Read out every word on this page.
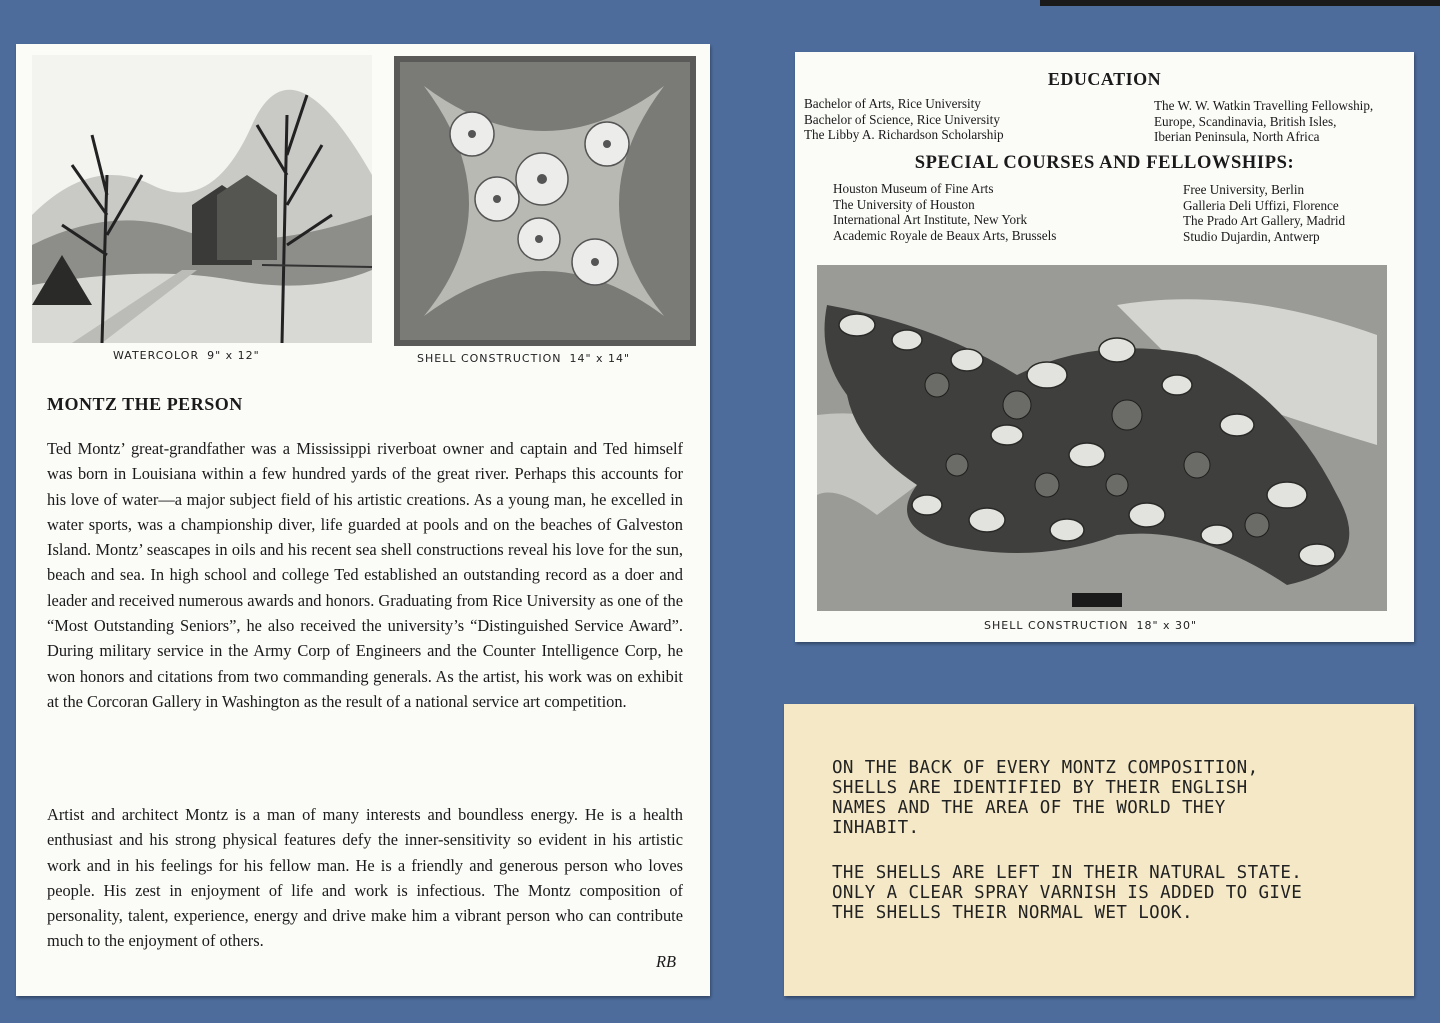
WATERCOLOR 9" x 12"	SHELL CONSTRUCTION 14" x 14"
MONTZ THE PERSON

Ted Montz’ great-grandfather was a Mississippi riverboat owner and captain and Ted himself was born in Louisiana within a few hundred yards of the great river. Perhaps this accounts for his love of water—a major subject field of his artistic creations. As a young man, he excelled in water sports, was a championship diver, life guarded at pools and on the beaches of Galveston Island. Montz’ seascapes in oils and his recent sea shell constructions reveal his love for the sun, beach and sea. In high school and college Ted established an outstanding record as a doer and leader and received numerous awards and honors. Graduating from Rice University as one of the “Most Outstanding Seniors”, he also received the university’s “Distinguished Service Award”. During military service in the Army Corp of Engineers and the Counter Intelligence Corp, he won honors and citations from two commanding generals. As the artist, his work was on exhibit at the Corcoran Gallery in Washington as the result of a national service art competition.

Artist and architect Montz is a man of many interests and boundless energy. He is a health enthusiast and his strong physical features defy the inner-sensitivity so evident in his artistic work and in his feelings for his fellow man. He is a friendly and generous person who loves people. His zest in enjoyment of life and work is infectious. The Montz composition of personality, talent, experience, energy and drive make him a vibrant person who can contribute much to the enjoyment of others.

RB
EDUCATION
Bachelor of Arts, Rice University
Bachelor of Science, Rice University
The Libby A. Richardson Scholarship
The W. W. Watkin Travelling Fellowship,
Europe, Scandinavia, British Isles,
Iberian Peninsula, North Africa
SPECIAL COURSES AND FELLOWSHIPS:
Houston Museum of Fine Arts
The University of Houston
International Art Institute, New York
Academic Royale de Beaux Arts, Brussels
Free University, Berlin
Galleria Deli Uffizi, Florence
The Prado Art Gallery, Madrid
Studio Dujardin, Antwerp
SHELL CONSTRUCTION 18" x 30"

ON THE BACK OF EVERY MONTZ COMPOSITION,
SHELLS ARE IDENTIFIED BY THEIR ENGLISH
NAMES AND THE AREA OF THE WORLD THEY
INHABIT.

THE SHELLS ARE LEFT IN THEIR NATURAL STATE.
ONLY A CLEAR SPRAY VARNISH IS ADDED TO GIVE
THE SHELLS THEIR NORMAL WET LOOK.
